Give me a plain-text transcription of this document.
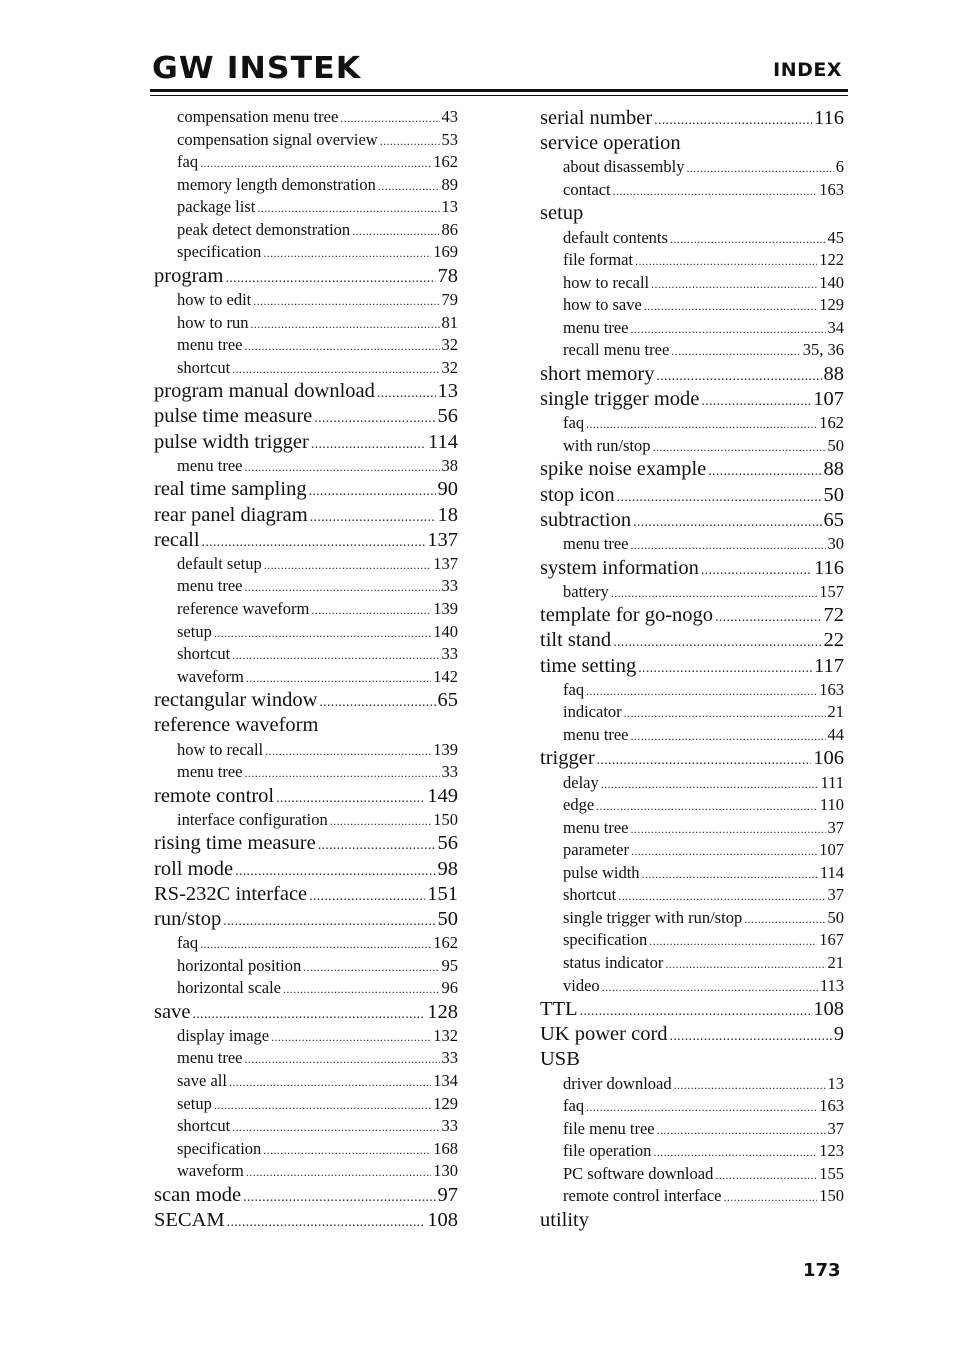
GW INSTEK	INDEX
compensation menu tree .....	43
compensation signal overview .....	53
faq .....	162
memory length demonstration .....	89
package list .....	13
peak detect demonstration .....	86
specification .....	169
program .....	78
how to edit .....	79
how to run .....	81
menu tree .....	32
shortcut .....	32
program manual download .....	13
pulse time measure .....	56
pulse width trigger .....	114
menu tree .....	38
real time sampling .....	90
rear panel diagram .....	18
recall .....	137
default setup .....	137
menu tree .....	33
reference waveform .....	139
setup .....	140
shortcut .....	33
waveform .....	142
rectangular window .....	65
reference waveform
how to recall .....	139
menu tree .....	33
remote control .....	149
interface configuration .....	150
rising time measure .....	56
roll mode .....	98
RS-232C interface .....	151
run/stop .....	50
faq .....	162
horizontal position .....	95
horizontal scale .....	96
save .....	128
display image .....	132
menu tree .....	33
save all .....	134
setup .....	129
shortcut .....	33
specification .....	168
waveform .....	130
scan mode .....	97
SECAM .....	108
serial number .....	116
service operation
about disassembly .....	6
contact .....	163
setup
default contents .....	45
file format .....	122
how to recall .....	140
how to save .....	129
menu tree .....	34
recall menu tree .....	35, 36
short memory .....	88
single trigger mode .....	107
faq .....	162
with run/stop .....	50
spike noise example .....	88
stop icon .....	50
subtraction .....	65
menu tree .....	30
system information .....	116
battery .....	157
template for go-nogo .....	72
tilt stand .....	22
time setting .....	117
faq .....	163
indicator .....	21
menu tree .....	44
trigger .....	106
delay .....	111
edge .....	110
menu tree .....	37
parameter .....	107
pulse width .....	114
shortcut .....	37
single trigger with run/stop .....	50
specification .....	167
status indicator .....	21
video .....	113
TTL .....	108
UK power cord .....	9
USB
driver download .....	13
faq .....	163
file menu tree .....	37
file operation .....	123
PC software download .....	155
remote control interface .....	150
utility
173
